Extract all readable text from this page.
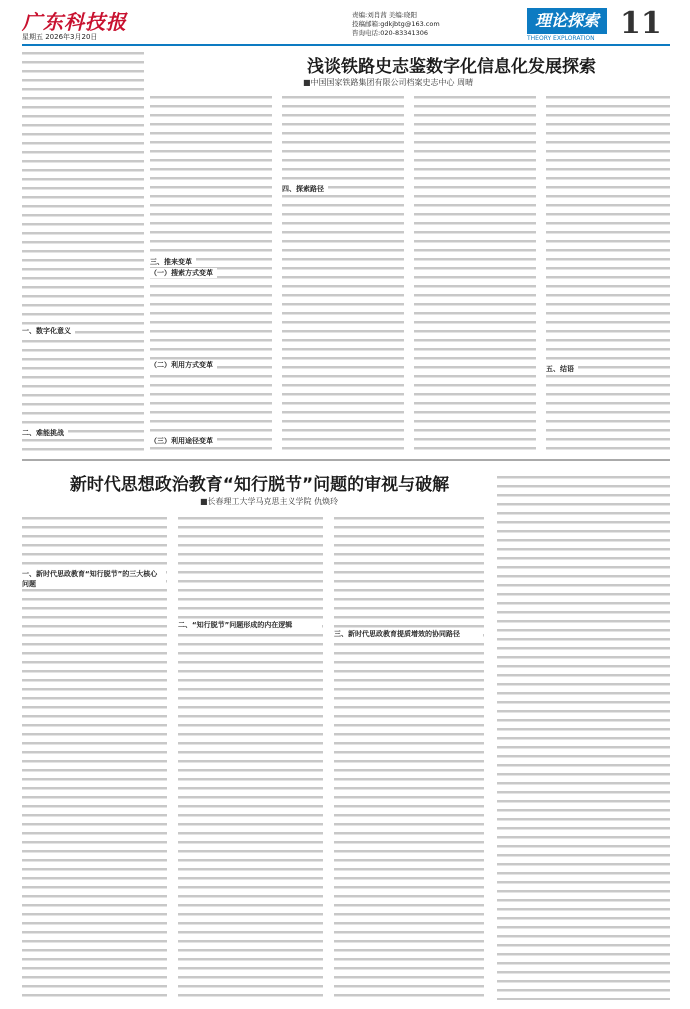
广东科技报
星期五 2026年3月20日
责编:刘肖茜 美编:晓阳
投稿邮箱:gdkjbtg@163.com
咨询电话:020-83341306
理论探索
THEORY EXPLORATION 11
浅谈铁路史志鉴数字化信息化发展探索
■中国国家铁路集团有限公司档案史志中心 周晴
一、数字化意义
二、难能挑战
三、推来变革
（一）搜索方式变革
（二）利用方式变革
（三）利用途径变革
四、探索路径
五、结语
新时代思想政治教育“知行脱节”问题的审视与破解
■长春理工大学马克思主义学院 仇焕玲
一、新时代思政教育“知行脱节”的三大核心问题
二、“知行脱节”问题形成的内在逻辑
三、新时代思政教育提质增效的协同路径
